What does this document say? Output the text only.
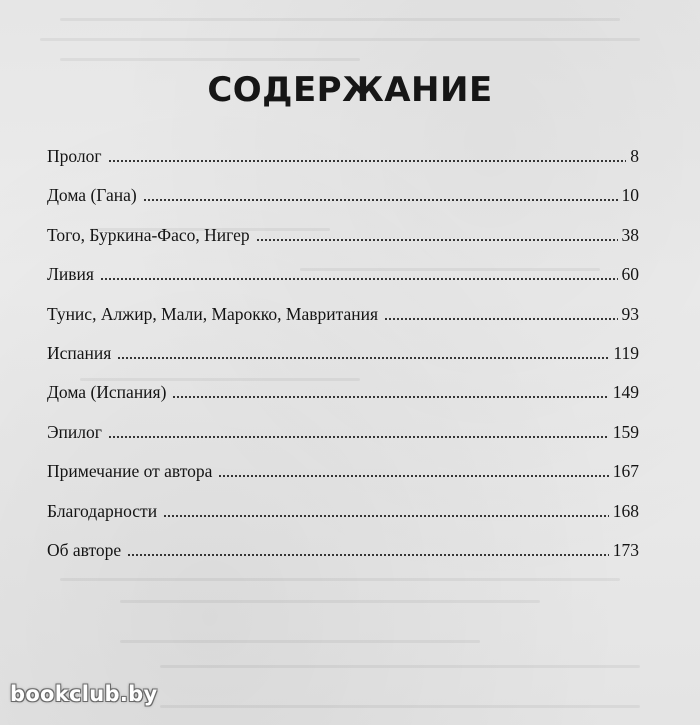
СОДЕРЖАНИЕ
Пролог	8
Дома (Гана)	10
Того, Буркина-Фасо, Нигер	38
Ливия	60
Тунис, Алжир, Мали, Марокко, Мавритания	93
Испания	119
Дома (Испания)	149
Эпилог	159
Примечание от автора	167
Благодарности	168
Об авторе	173
bookclub.by
